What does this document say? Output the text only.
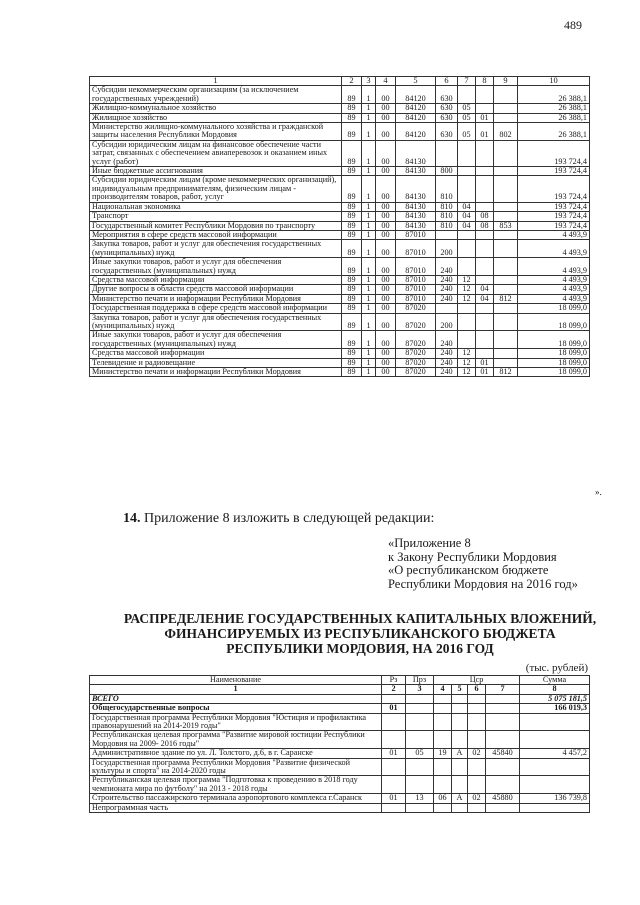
489
1	2	3	4	5	6	7	8	9	10
Субсидии некоммерческим организациям (за исключением государственных учреждений)	89	1	00	84120	630				26 388,1
Жилищно-коммунальное хозяйство	89	1	00	84120	630	05			26 388,1
Жилищное хозяйство	89	1	00	84120	630	05	01		26 388,1
Министерство жилищно-коммунального хозяйства и гражданской защиты населения Республики Мордовия	89	1	00	84120	630	05	01	802	26 388,1
Субсидии юридическим лицам на финансовое обеспечение части затрат, связанных с обеспечением авиаперевозок и оказанием иных услуг (работ)	89	1	00	84130					193 724,4
Иные бюджетные ассигнования	89	1	00	84130	800				193 724,4
Субсидии юридическим лицам (кроме некоммерческих организаций), индивидуальным предпринимателям, физическим лицам - производителям товаров, работ, услуг	89	1	00	84130	810				193 724,4
Национальная экономика	89	1	00	84130	810	04			193 724,4
Транспорт	89	1	00	84130	810	04	08		193 724,4
Государственный комитет Республики Мордовия по транспорту	89	1	00	84130	810	04	08	853	193 724,4
Мероприятия в сфере средств массовой информации	89	1	00	87010					4 493,9
Закупка товаров, работ и услуг для обеспечения государственных (муниципальных) нужд	89	1	00	87010	200				4 493,9
Иные закупки товаров, работ и услуг для обеспечения государственных (муниципальных) нужд	89	1	00	87010	240				4 493,9
Средства массовой информации	89	1	00	87010	240	12			4 493,9
Другие вопросы в области средств массовой информации	89	1	00	87010	240	12	04		4 493,9
Министерство печати и информации Республики Мордовия	89	1	00	87010	240	12	04	812	4 493,9
Государственная поддержка в сфере средств массовой информации	89	1	00	87020					18 099,0
Закупка товаров, работ и услуг для обеспечения государственных (муниципальных) нужд	89	1	00	87020	200				18 099,0
Иные закупки товаров, работ и услуг для обеспечения государственных (муниципальных) нужд	89	1	00	87020	240				18 099,0
Средства массовой информации	89	1	00	87020	240	12			18 099,0
Телевидение и радиовещание	89	1	00	87020	240	12	01		18 099,0
Министерство печати и информации Республики Мордовия	89	1	00	87020	240	12	01	812	18 099,0
».
14. Приложение 8 изложить в следующей редакции:
«Приложение 8
к Закону Республики Мордовия
«О республиканском бюджете Республики Мордовия на 2016 год»
РАСПРЕДЕЛЕНИЕ ГОСУДАРСТВЕННЫХ КАПИТАЛЬНЫХ ВЛОЖЕНИЙ, ФИНАНСИРУЕМЫХ ИЗ РЕСПУБЛИКАНСКОГО БЮДЖЕТА РЕСПУБЛИКИ МОРДОВИЯ, НА 2016 ГОД
(тыс. рублей)
Наименование	Рз	Прз	Цср				Сумма
1	2	3	4	5	6	7	8
ВСЕГО							5 075 181,5
Общегосударственные вопросы	01						166 019,3
Государственная программа Республики Мордовия "Юстиция и профилактика правонарушений на 2014-2019 годы"							
Республиканская целевая программа "Развитие мировой юстиции Республики Мордовия на 2009- 2016 годы"							
Административное здание по ул. Л. Толстого, д.6, в г. Саранске	01	05	19	А	02	45840	4 457,2
Государственная программа Республики Мордовия "Развитие физической культуры и спорта" на 2014-2020 годы							
Республиканская целевая программа "Подготовка к проведению в 2018 году чемпионата мира по футболу" на 2013 - 2018 годы							
Строительство пассажирского терминала аэропортового комплекса г.Саранск	01	13	06	А	02	45880	136 739,8
Непрограммная часть							
